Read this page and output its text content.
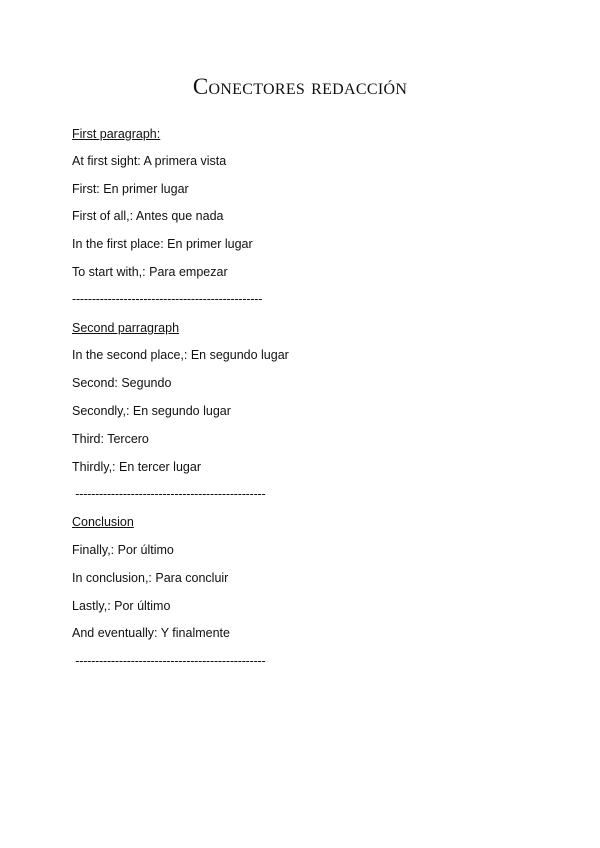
Conectores redacción
First paragraph:
At first sight: A primera vista
First: En primer lugar
First of all,: Antes que nada
In the first place: En primer lugar
To start with,: Para empezar
------------------------------------------------
Second parragraph
In the second place,: En segundo lugar
Second: Segundo
Secondly,: En segundo lugar
Third: Tercero
Thirdly,: En tercer lugar
------------------------------------------------
Conclusion
Finally,: Por último
In conclusion,: Para concluir
Lastly,: Por último
And eventually: Y finalmente
------------------------------------------------
